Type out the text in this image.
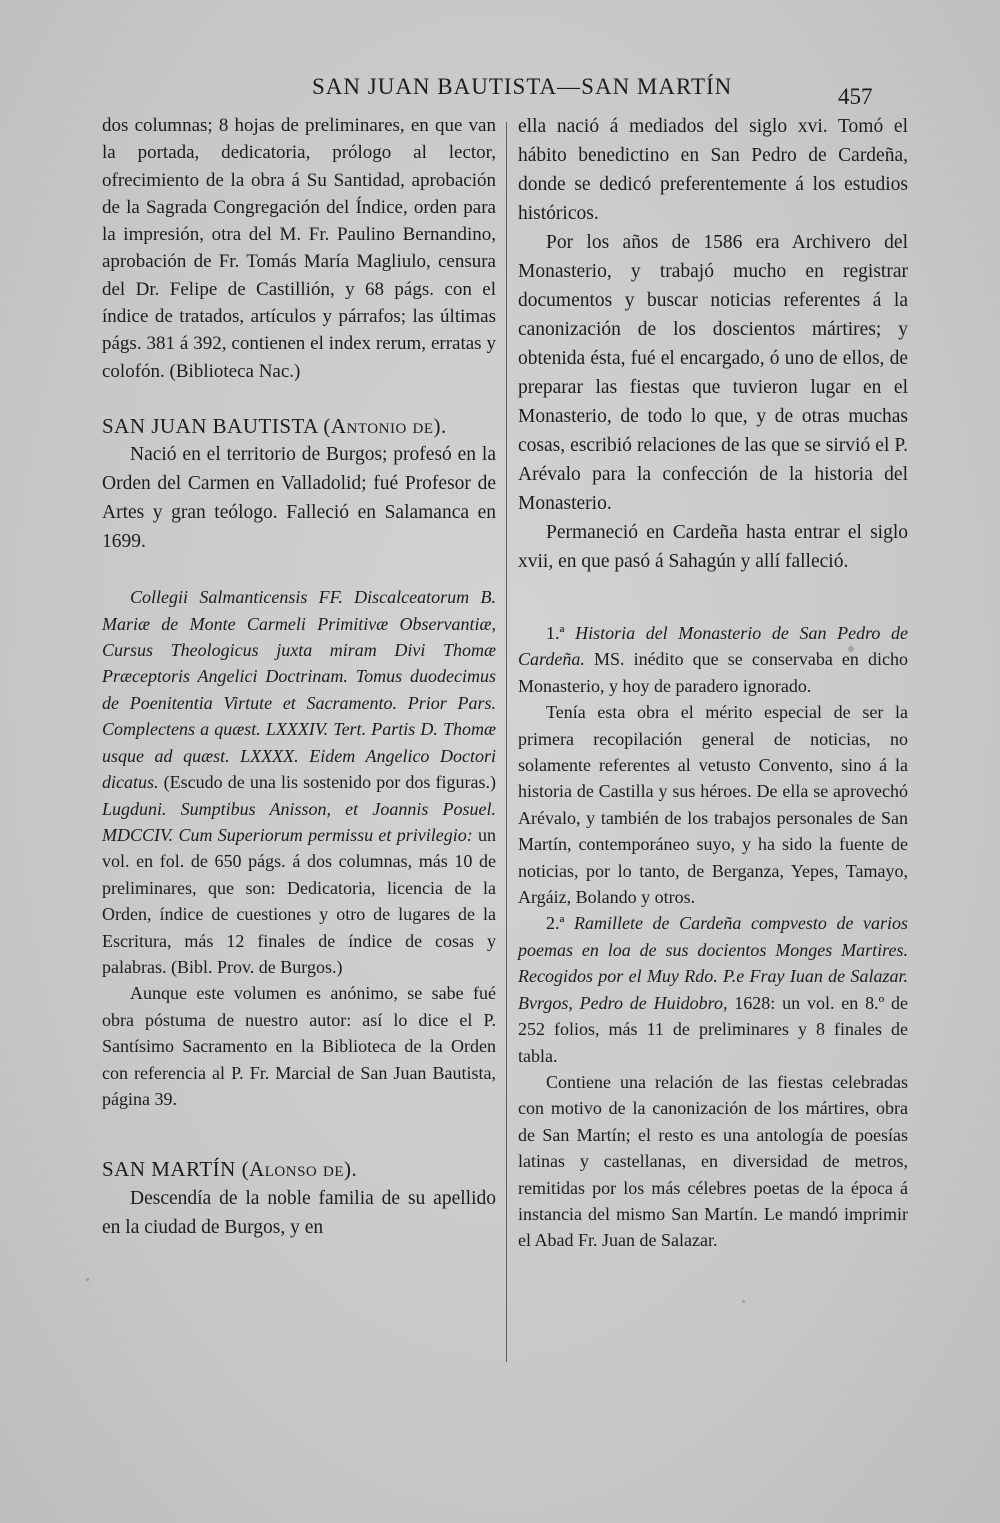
SAN JUAN BAUTISTA—SAN MARTÍN	457

dos columnas; 8 hojas de preliminares, en que van la portada, dedicatoria, prólogo al lector, ofrecimiento de la obra á Su Santidad, aprobación de la Sagrada Congregación del Índice, orden para la impresión, otra del M. Fr. Paulino Bernandino, aprobación de Fr. Tomás María Magliulo, censura del Dr. Felipe de Castillión, y 68 págs. con el índice de tratados, artículos y párrafos; las últimas págs. 381 á 392, contienen el index rerum, erratas y colofón. (Biblioteca Nac.)

SAN JUAN BAUTISTA (Antonio de).

Nació en el territorio de Burgos; profesó en la Orden del Carmen en Valladolid; fué Profesor de Artes y gran teólogo. Falleció en Salamanca en 1699.

Collegii Salmanticensis FF. Discalceatorum B. Mariæ de Monte Carmeli Primitivæ Observantiæ, Cursus Theologicus juxta miram Divi Thomæ Præceptoris Angelici Doctrinam. Tomus duodecimus de Poenitentia Virtute et Sacramento. Prior Pars. Complectens a quæst. LXXXIV. Tert. Partis D. Thomæ usque ad quæst. LXXXX. Eidem Angelico Doctori dicatus. (Escudo de una lis sostenido por dos figuras.) Lugduni. Sumptibus Anisson, et Joannis Posuel. MDCCIV. Cum Superiorum permissu et privilegio: un vol. en fol. de 650 págs. á dos columnas, más 10 de preliminares, que son: Dedicatoria, licencia de la Orden, índice de cuestiones y otro de lugares de la Escritura, más 12 finales de índice de cosas y palabras. (Bibl. Prov. de Burgos.)

Aunque este volumen es anónimo, se sabe fué obra póstuma de nuestro autor: así lo dice el P. Santísimo Sacramento en la Biblioteca de la Orden con referencia al P. Fr. Marcial de San Juan Bautista, página 39.

SAN MARTÍN (Alonso de).

Descendía de la noble familia de su apellido en la ciudad de Burgos, y en

ella nació á mediados del siglo xvi. Tomó el hábito benedictino en San Pedro de Cardeña, donde se dedicó preferentemente á los estudios históricos.

Por los años de 1586 era Archivero del Monasterio, y trabajó mucho en registrar documentos y buscar noticias referentes á la canonización de los doscientos mártires; y obtenida ésta, fué el encargado, ó uno de ellos, de preparar las fiestas que tuvieron lugar en el Monasterio, de todo lo que, y de otras muchas cosas, escribió relaciones de las que se sirvió el P. Arévalo para la confección de la historia del Monasterio.

Permaneció en Cardeña hasta entrar el siglo xvii, en que pasó á Sahagún y allí falleció.

1.ª Historia del Monasterio de San Pedro de Cardeña. MS. inédito que se conservaba en dicho Monasterio, y hoy de paradero ignorado.

Tenía esta obra el mérito especial de ser la primera recopilación general de noticias, no solamente referentes al vetusto Convento, sino á la historia de Castilla y sus héroes. De ella se aprovechó Arévalo, y también de los trabajos personales de San Martín, contemporáneo suyo, y ha sido la fuente de noticias, por lo tanto, de Berganza, Yepes, Tamayo, Argáiz, Bolando y otros.

2.ª Ramillete de Cardeña compvesto de varios poemas en loa de sus docientos Monges Martires. Recogidos por el Muy Rdo. P.e Fray Iuan de Salazar. Bvrgos, Pedro de Huidobro, 1628: un vol. en 8.º de 252 folios, más 11 de preliminares y 8 finales de tabla.

Contiene una relación de las fiestas celebradas con motivo de la canonización de los mártires, obra de San Martín; el resto es una antología de poesías latinas y castellanas, en diversidad de metros, remitidas por los más célebres poetas de la época á instancia del mismo San Martín. Le mandó imprimir el Abad Fr. Juan de Salazar.
